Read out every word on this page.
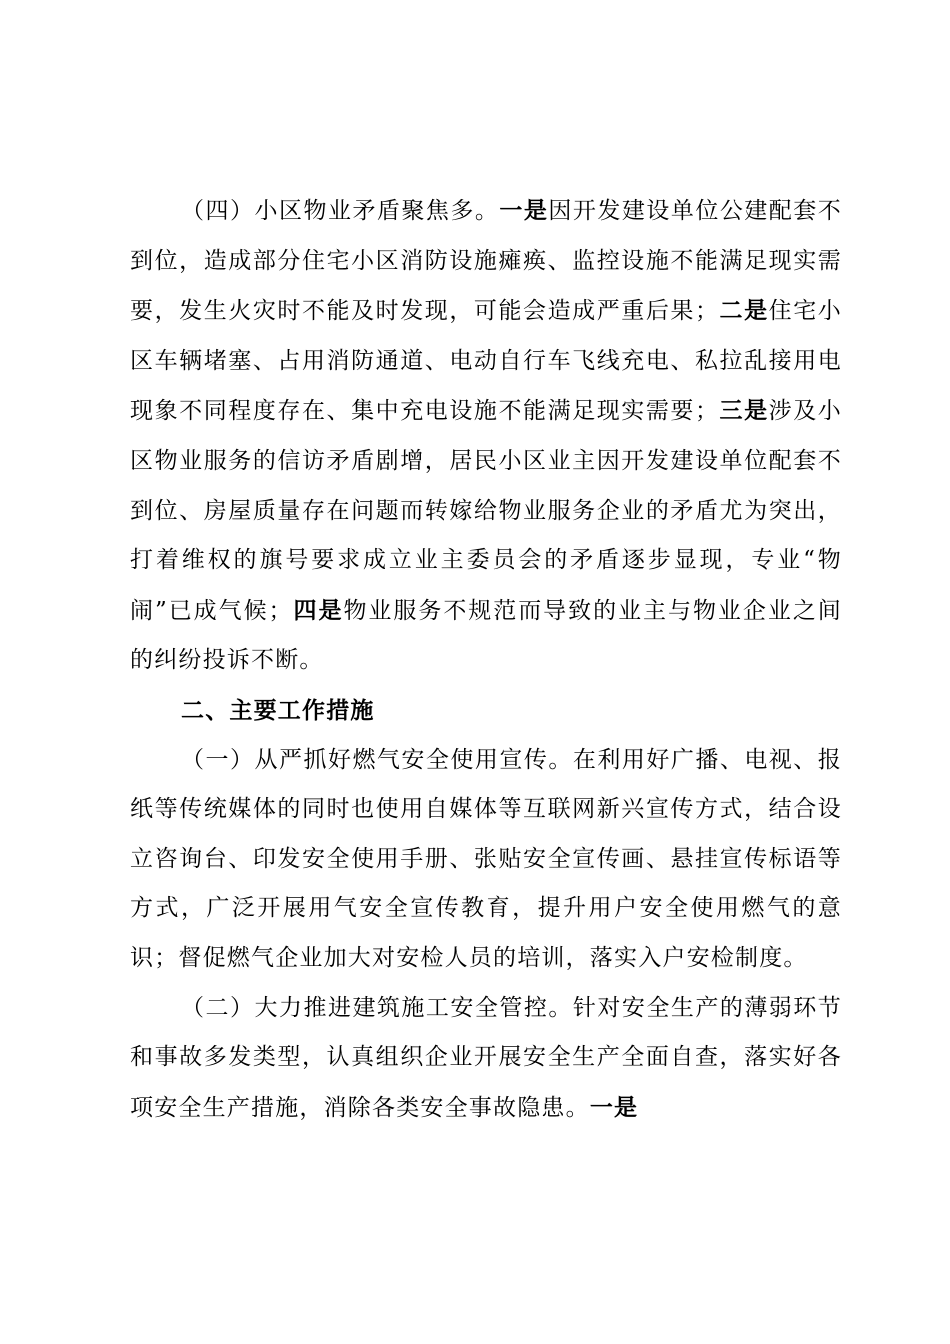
（四）小区物业矛盾聚焦多。一是因开发建设单位公建配套不到位，造成部分住宅小区消防设施瘫痪、监控设施不能满足现实需要，发生火灾时不能及时发现，可能会造成严重后果；二是住宅小区车辆堵塞、占用消防通道、电动自行车飞线充电、私拉乱接用电现象不同程度存在、集中充电设施不能满足现实需要；三是涉及小区物业服务的信访矛盾剧增，居民小区业主因开发建设单位配套不到位、房屋质量存在问题而转嫁给物业服务企业的矛盾尤为突出，打着维权的旗号要求成立业主委员会的矛盾逐步显现，专业“物闹”已成气候；四是物业服务不规范而导致的业主与物业企业之间的纠纷投诉不断。

二、主要工作措施

（一）从严抓好燃气安全使用宣传。在利用好广播、电视、报纸等传统媒体的同时也使用自媒体等互联网新兴宣传方式，结合设立咨询台、印发安全使用手册、张贴安全宣传画、悬挂宣传标语等方式，广泛开展用气安全宣传教育，提升用户安全使用燃气的意识；督促燃气企业加大对安检人员的培训，落实入户安检制度。

（二）大力推进建筑施工安全管控。针对安全生产的薄弱环节和事故多发类型，认真组织企业开展安全生产全面自查，落实好各项安全生产措施，消除各类安全事故隐患。一是
